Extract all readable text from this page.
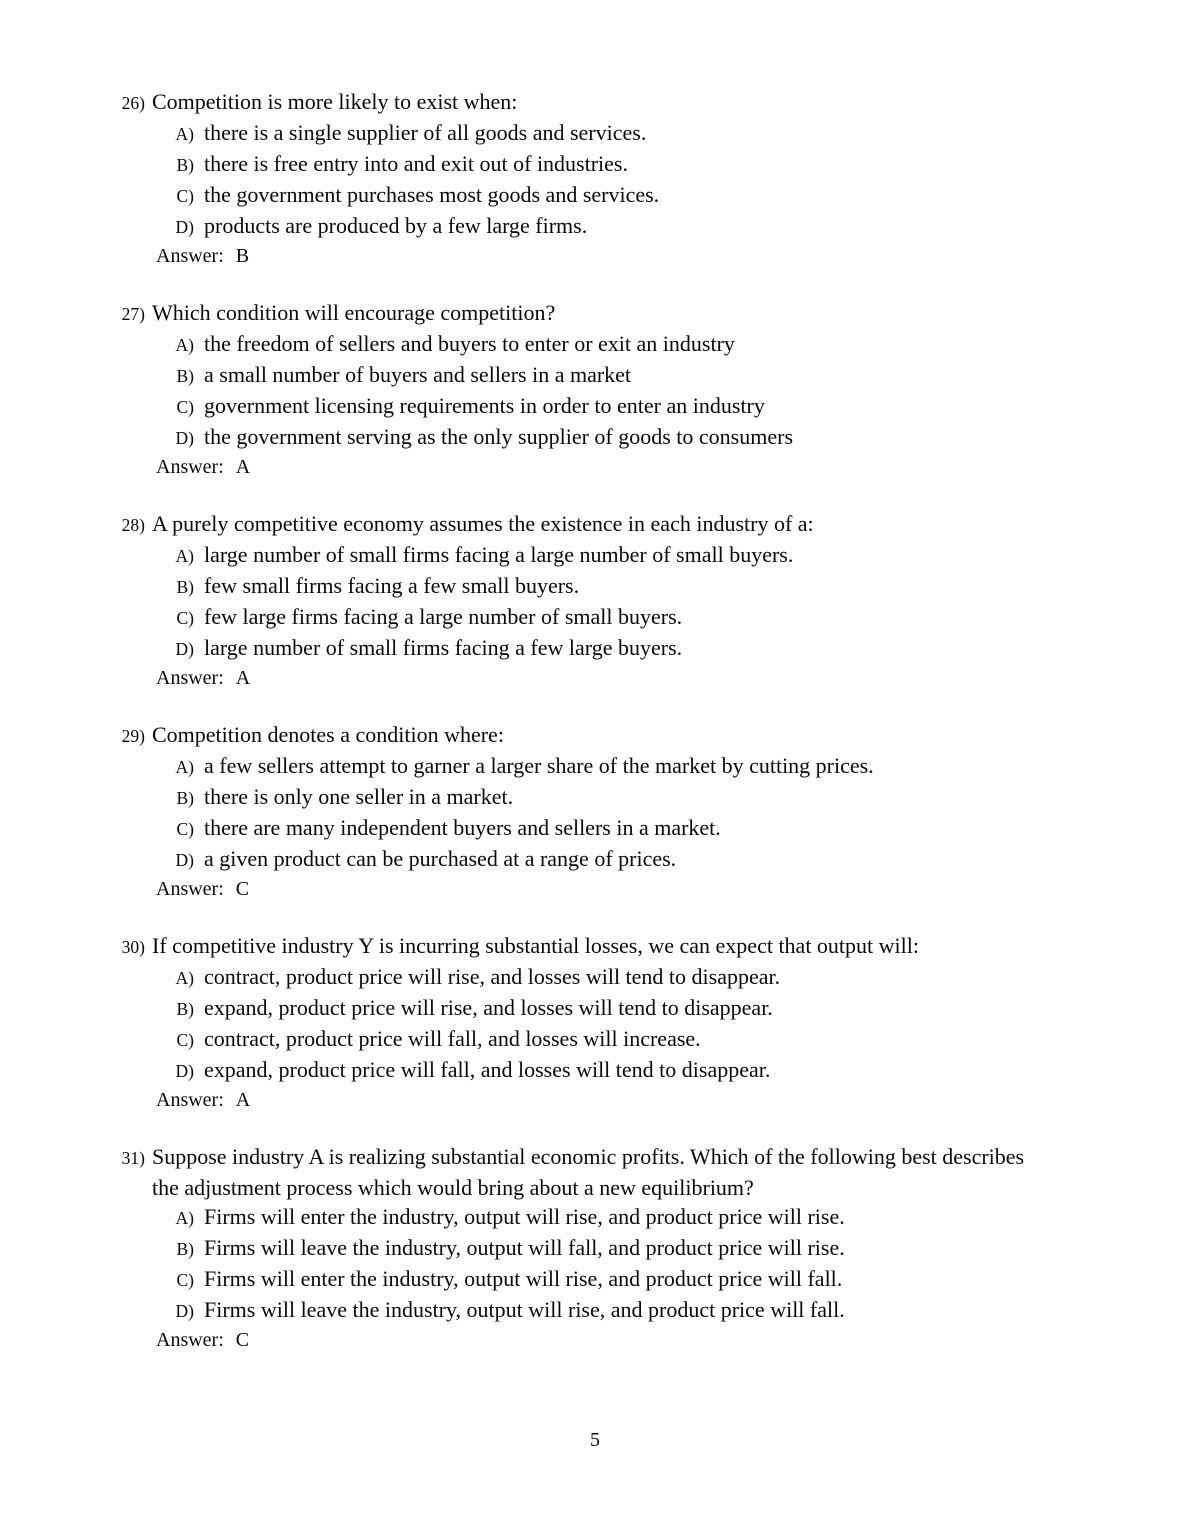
26) Competition is more likely to exist when:
A) there is a single supplier of all goods and services.
B) there is free entry into and exit out of industries.
C) the government purchases most goods and services.
D) products are produced by a few large firms.
Answer: B
27) Which condition will encourage competition?
A) the freedom of sellers and buyers to enter or exit an industry
B) a small number of buyers and sellers in a market
C) government licensing requirements in order to enter an industry
D) the government serving as the only supplier of goods to consumers
Answer: A
28) A purely competitive economy assumes the existence in each industry of a:
A) large number of small firms facing a large number of small buyers.
B) few small firms facing a few small buyers.
C) few large firms facing a large number of small buyers.
D) large number of small firms facing a few large buyers.
Answer: A
29) Competition denotes a condition where:
A) a few sellers attempt to garner a larger share of the market by cutting prices.
B) there is only one seller in a market.
C) there are many independent buyers and sellers in a market.
D) a given product can be purchased at a range of prices.
Answer: C
30) If competitive industry Y is incurring substantial losses, we can expect that output will:
A) contract, product price will rise, and losses will tend to disappear.
B) expand, product price will rise, and losses will tend to disappear.
C) contract, product price will fall, and losses will increase.
D) expand, product price will fall, and losses will tend to disappear.
Answer: A
31) Suppose industry A is realizing substantial economic profits. Which of the following best describes
the adjustment process which would bring about a new equilibrium?
A) Firms will enter the industry, output will rise, and product price will rise.
B) Firms will leave the industry, output will fall, and product price will rise.
C) Firms will enter the industry, output will rise, and product price will fall.
D) Firms will leave the industry, output will rise, and product price will fall.
Answer: C
5
